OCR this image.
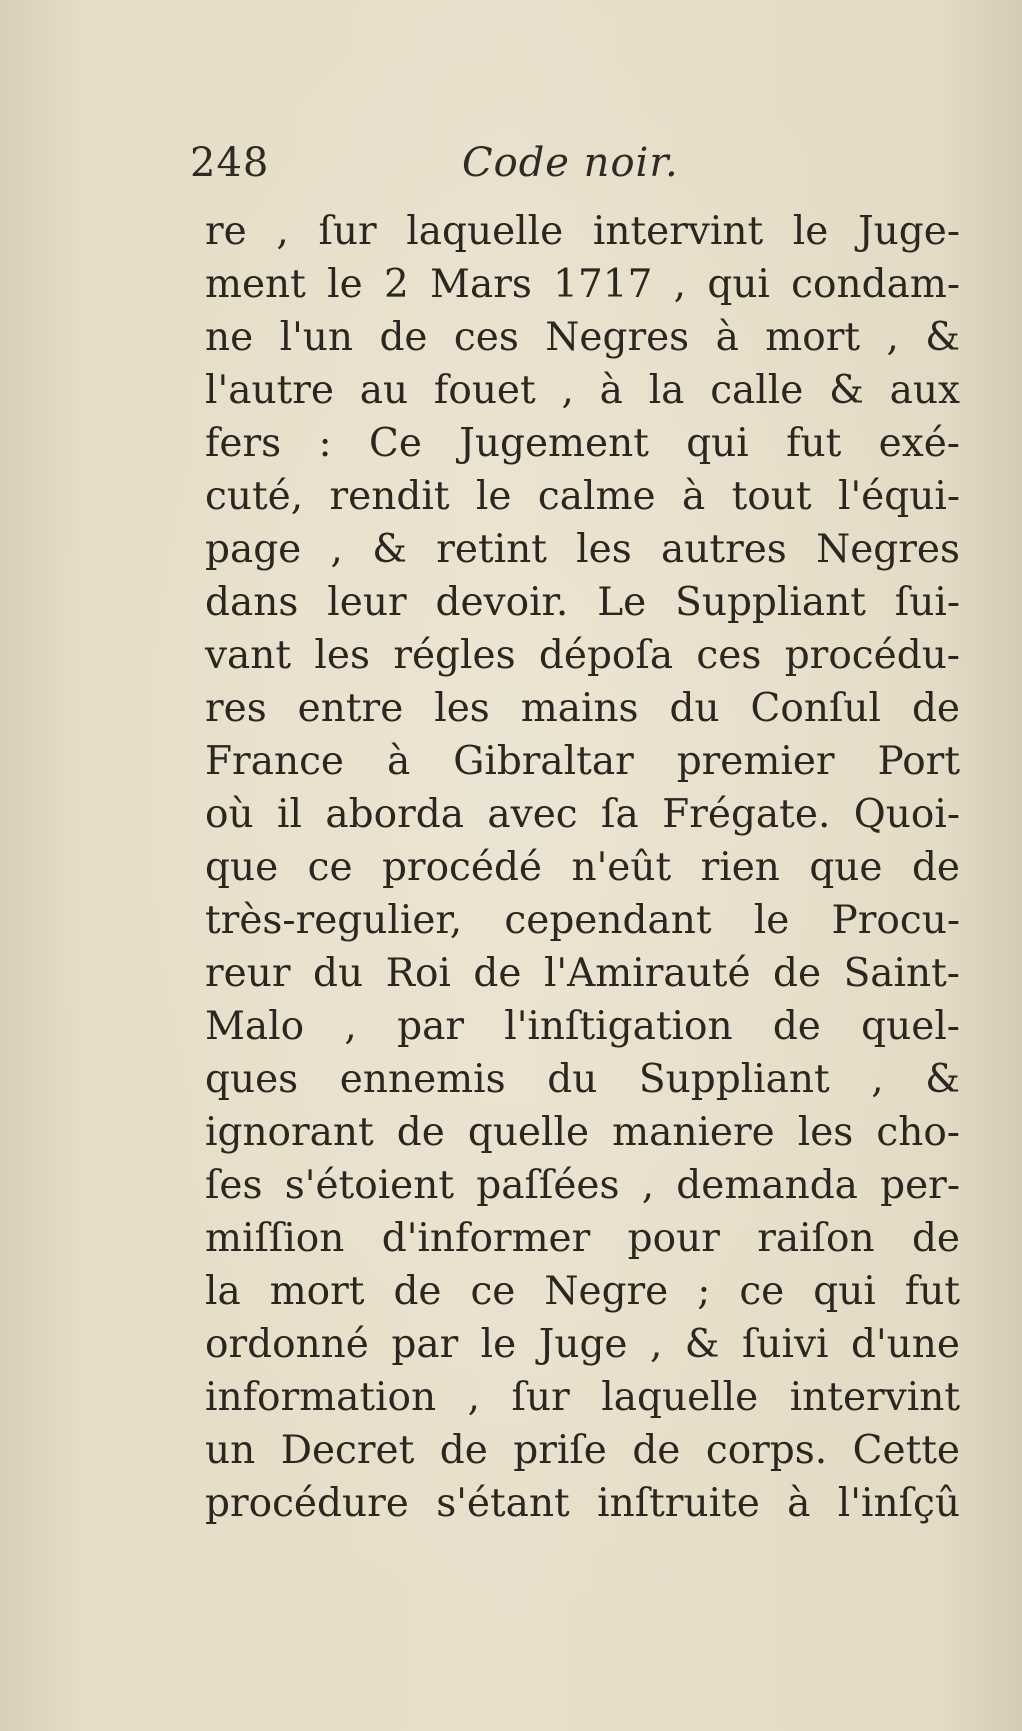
248	Code noir.
re , ſur laquelle intervint le Juge-
ment le 2 Mars 1717 , qui condam-
ne l'un de ces Negres à mort , &
l'autre au fouet , à la calle & aux
fers : Ce Jugement qui fut exé-
cuté, rendit le calme à tout l'équi-
page , & retint les autres Negres
dans leur devoir. Le Suppliant ſui-
vant les régles dépoſa ces procédu-
res entre les mains du Conſul de
France à Gibraltar premier Port
où il aborda avec ſa Frégate. Quoi-
que ce procédé n'eût rien que de
très-regulier, cependant le Procu-
reur du Roi de l'Amirauté de Saint-
Malo , par l'inſtigation de quel-
ques ennemis du Suppliant , &
ignorant de quelle maniere les cho-
ſes s'étoient paſſées , demanda per-
miſſion d'informer pour raiſon de
la mort de ce Negre ; ce qui fut
ordonné par le Juge , & ſuivi d'une
information , ſur laquelle intervint
un Decret de priſe de corps. Cette
procédure s'étant inſtruite à l'inſçû
